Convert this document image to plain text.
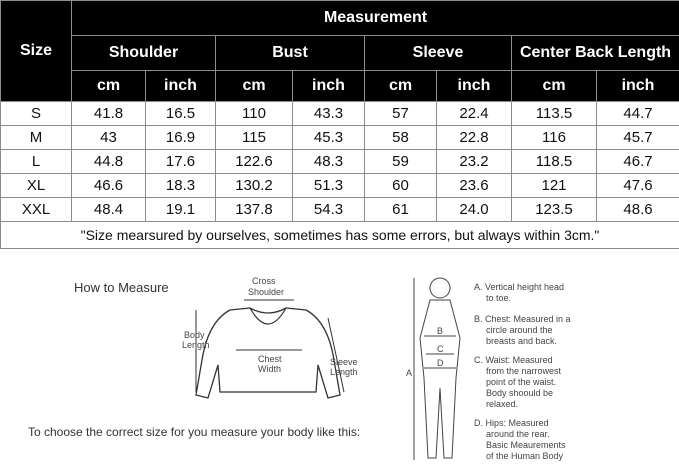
Size	Measurement							
	Shoulder		Bust		Sleeve		Center Back Length	
	cm	inch	cm	inch	cm	inch	cm	inch
S	41.8	16.5	110	43.3	57	22.4	113.5	44.7
M	43	16.9	115	45.3	58	22.8	116	45.7
L	44.8	17.6	122.6	48.3	59	23.2	118.5	46.7
XL	46.6	18.3	130.2	51.3	60	23.6	121	47.6
XXL	48.4	19.1	137.8	54.3	61	24.0	123.5	48.6
"Size mearsured by ourselves, sometimes has some errors, but always within 3cm."								
How to Measure
To choose the correct size for you measure your body like this:
Cross
Shoulder
Body
Length
Chest
Width
Sleeve
Length	A
B
C
D
A. Vertical height head
to toe.
B. Chest: Measured in a
circle around the
breasts and back.
C. Waist: Measured
from the narrowest
point of the waist.
Body shoould be
relaxed.
D. Hips: Measured
around the rear.
Basic Meaurements
of the Human Body
